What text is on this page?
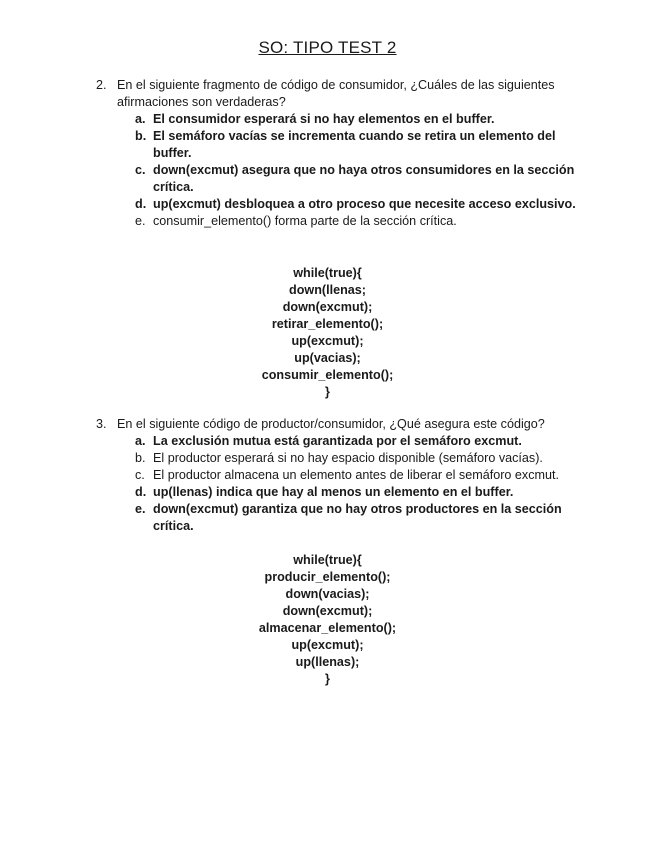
SO: TIPO TEST 2
2. En el siguiente fragmento de código de consumidor, ¿Cuáles de las siguientes afirmaciones son verdaderas?
a. El consumidor esperará si no hay elementos en el buffer.
b. El semáforo vacías se incrementa cuando se retira un elemento del buffer.
c. down(excmut) asegura que no haya otros consumidores en la sección crítica.
d. up(excmut) desbloquea a otro proceso que necesite acceso exclusivo.
e. consumir_elemento() forma parte de la sección crítica.
while(true){
down(llenas;
down(excmut);
retirar_elemento();
up(excmut);
up(vacias);
consumir_elemento();
}
3. En el siguiente código de productor/consumidor, ¿Qué asegura este código?
a. La exclusión mutua está garantizada por el semáforo excmut.
b. El productor esperará si no hay espacio disponible (semáforo vacías).
c. El productor almacena un elemento antes de liberar el semáforo excmut.
d. up(llenas) indica que hay al menos un elemento en el buffer.
e. down(excmut) garantiza que no hay otros productores en la sección crítica.
while(true){
producir_elemento();
down(vacias);
down(excmut);
almacenar_elemento();
up(excmut);
up(llenas);
}
